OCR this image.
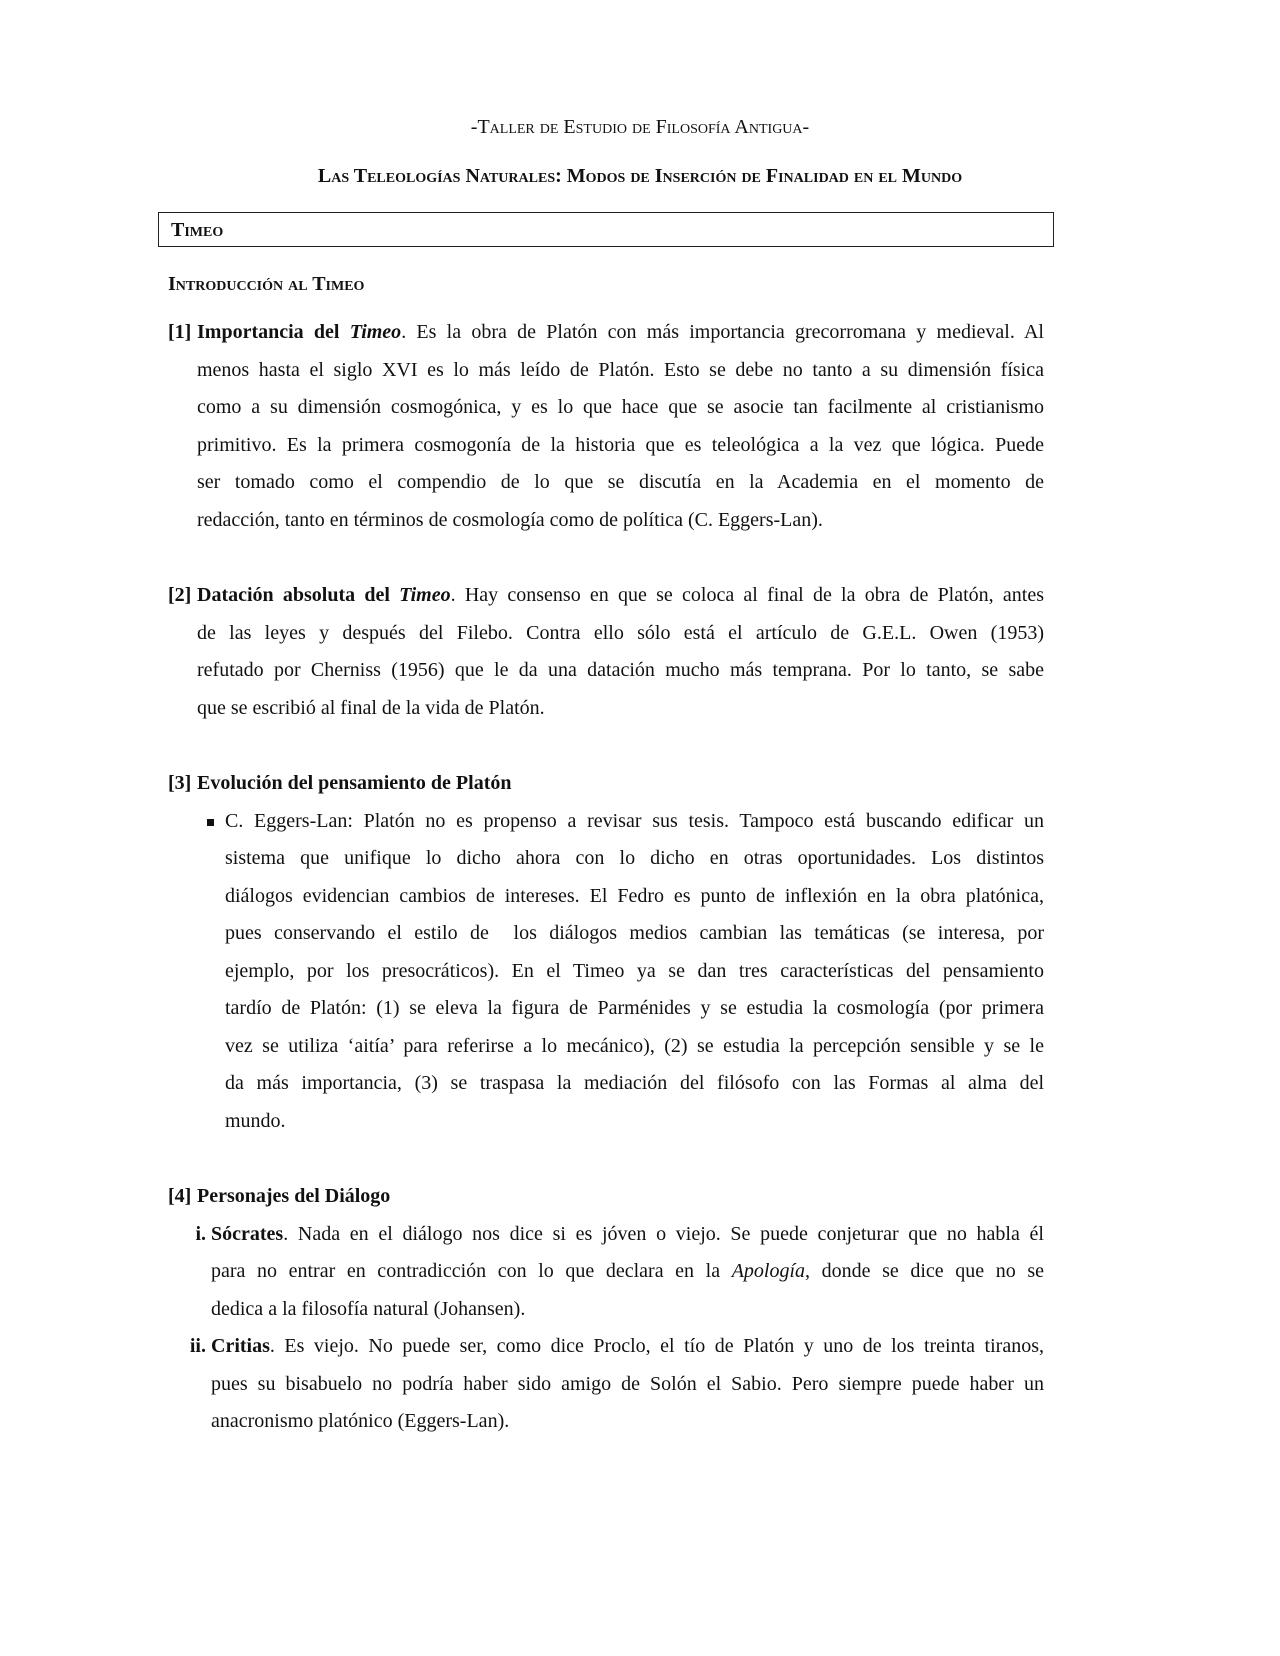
-Taller de Estudio de Filosofía Antigua-
Las Teleologías Naturales: Modos de Inserción de Finalidad en el Mundo
Timeo
Introducción al Timeo
[1] Importancia del Timeo. Es la obra de Platón con más importancia grecorromana y medieval. Al
menos hasta el siglo XVI es lo más leído de Platón. Esto se debe no tanto a su dimensión física
como a su dimensión cosmogónica, y es lo que hace que se asocie tan facilmente al cristianismo
primitivo. Es la primera cosmogonía de la historia que es teleológica a la vez que lógica. Puede
ser tomado como el compendio de lo que se discutía en la Academia en el momento de
redacción, tanto en términos de cosmología como de política (C. Eggers-Lan).
[2] Datación absoluta del Timeo. Hay consenso en que se coloca al final de la obra de Platón, antes
de las leyes y después del Filebo. Contra ello sólo está el artículo de G.E.L. Owen (1953)
refutado por Cherniss (1956) que le da una datación mucho más temprana. Por lo tanto, se sabe
que se escribió al final de la vida de Platón.
[3] Evolución del pensamiento de Platón
C. Eggers-Lan: Platón no es propenso a revisar sus tesis. Tampoco está buscando edificar un
sistema que unifique lo dicho ahora con lo dicho en otras oportunidades. Los distintos
diálogos evidencian cambios de intereses. El Fedro es punto de inflexión en la obra platónica,
pues conservando el estilo de  los diálogos medios cambian las temáticas (se interesa, por
ejemplo, por los presocráticos). En el Timeo ya se dan tres características del pensamiento
tardío de Platón: (1) se eleva la figura de Parménides y se estudia la cosmología (por primera
vez se utiliza ‘aitía’ para referirse a lo mecánico), (2) se estudia la percepción sensible y se le
da más importancia, (3) se traspasa la mediación del filósofo con las Formas al alma del
mundo.
[4] Personajes del Diálogo
i. Sócrates. Nada en el diálogo nos dice si es jóven o viejo. Se puede conjeturar que no habla él
para no entrar en contradicción con lo que declara en la Apología, donde se dice que no se
dedica a la filosofía natural (Johansen).
ii. Critias. Es viejo. No puede ser, como dice Proclo, el tío de Platón y uno de los treinta tiranos,
pues su bisabuelo no podría haber sido amigo de Solón el Sabio. Pero siempre puede haber un
anacronismo platónico (Eggers-Lan).
